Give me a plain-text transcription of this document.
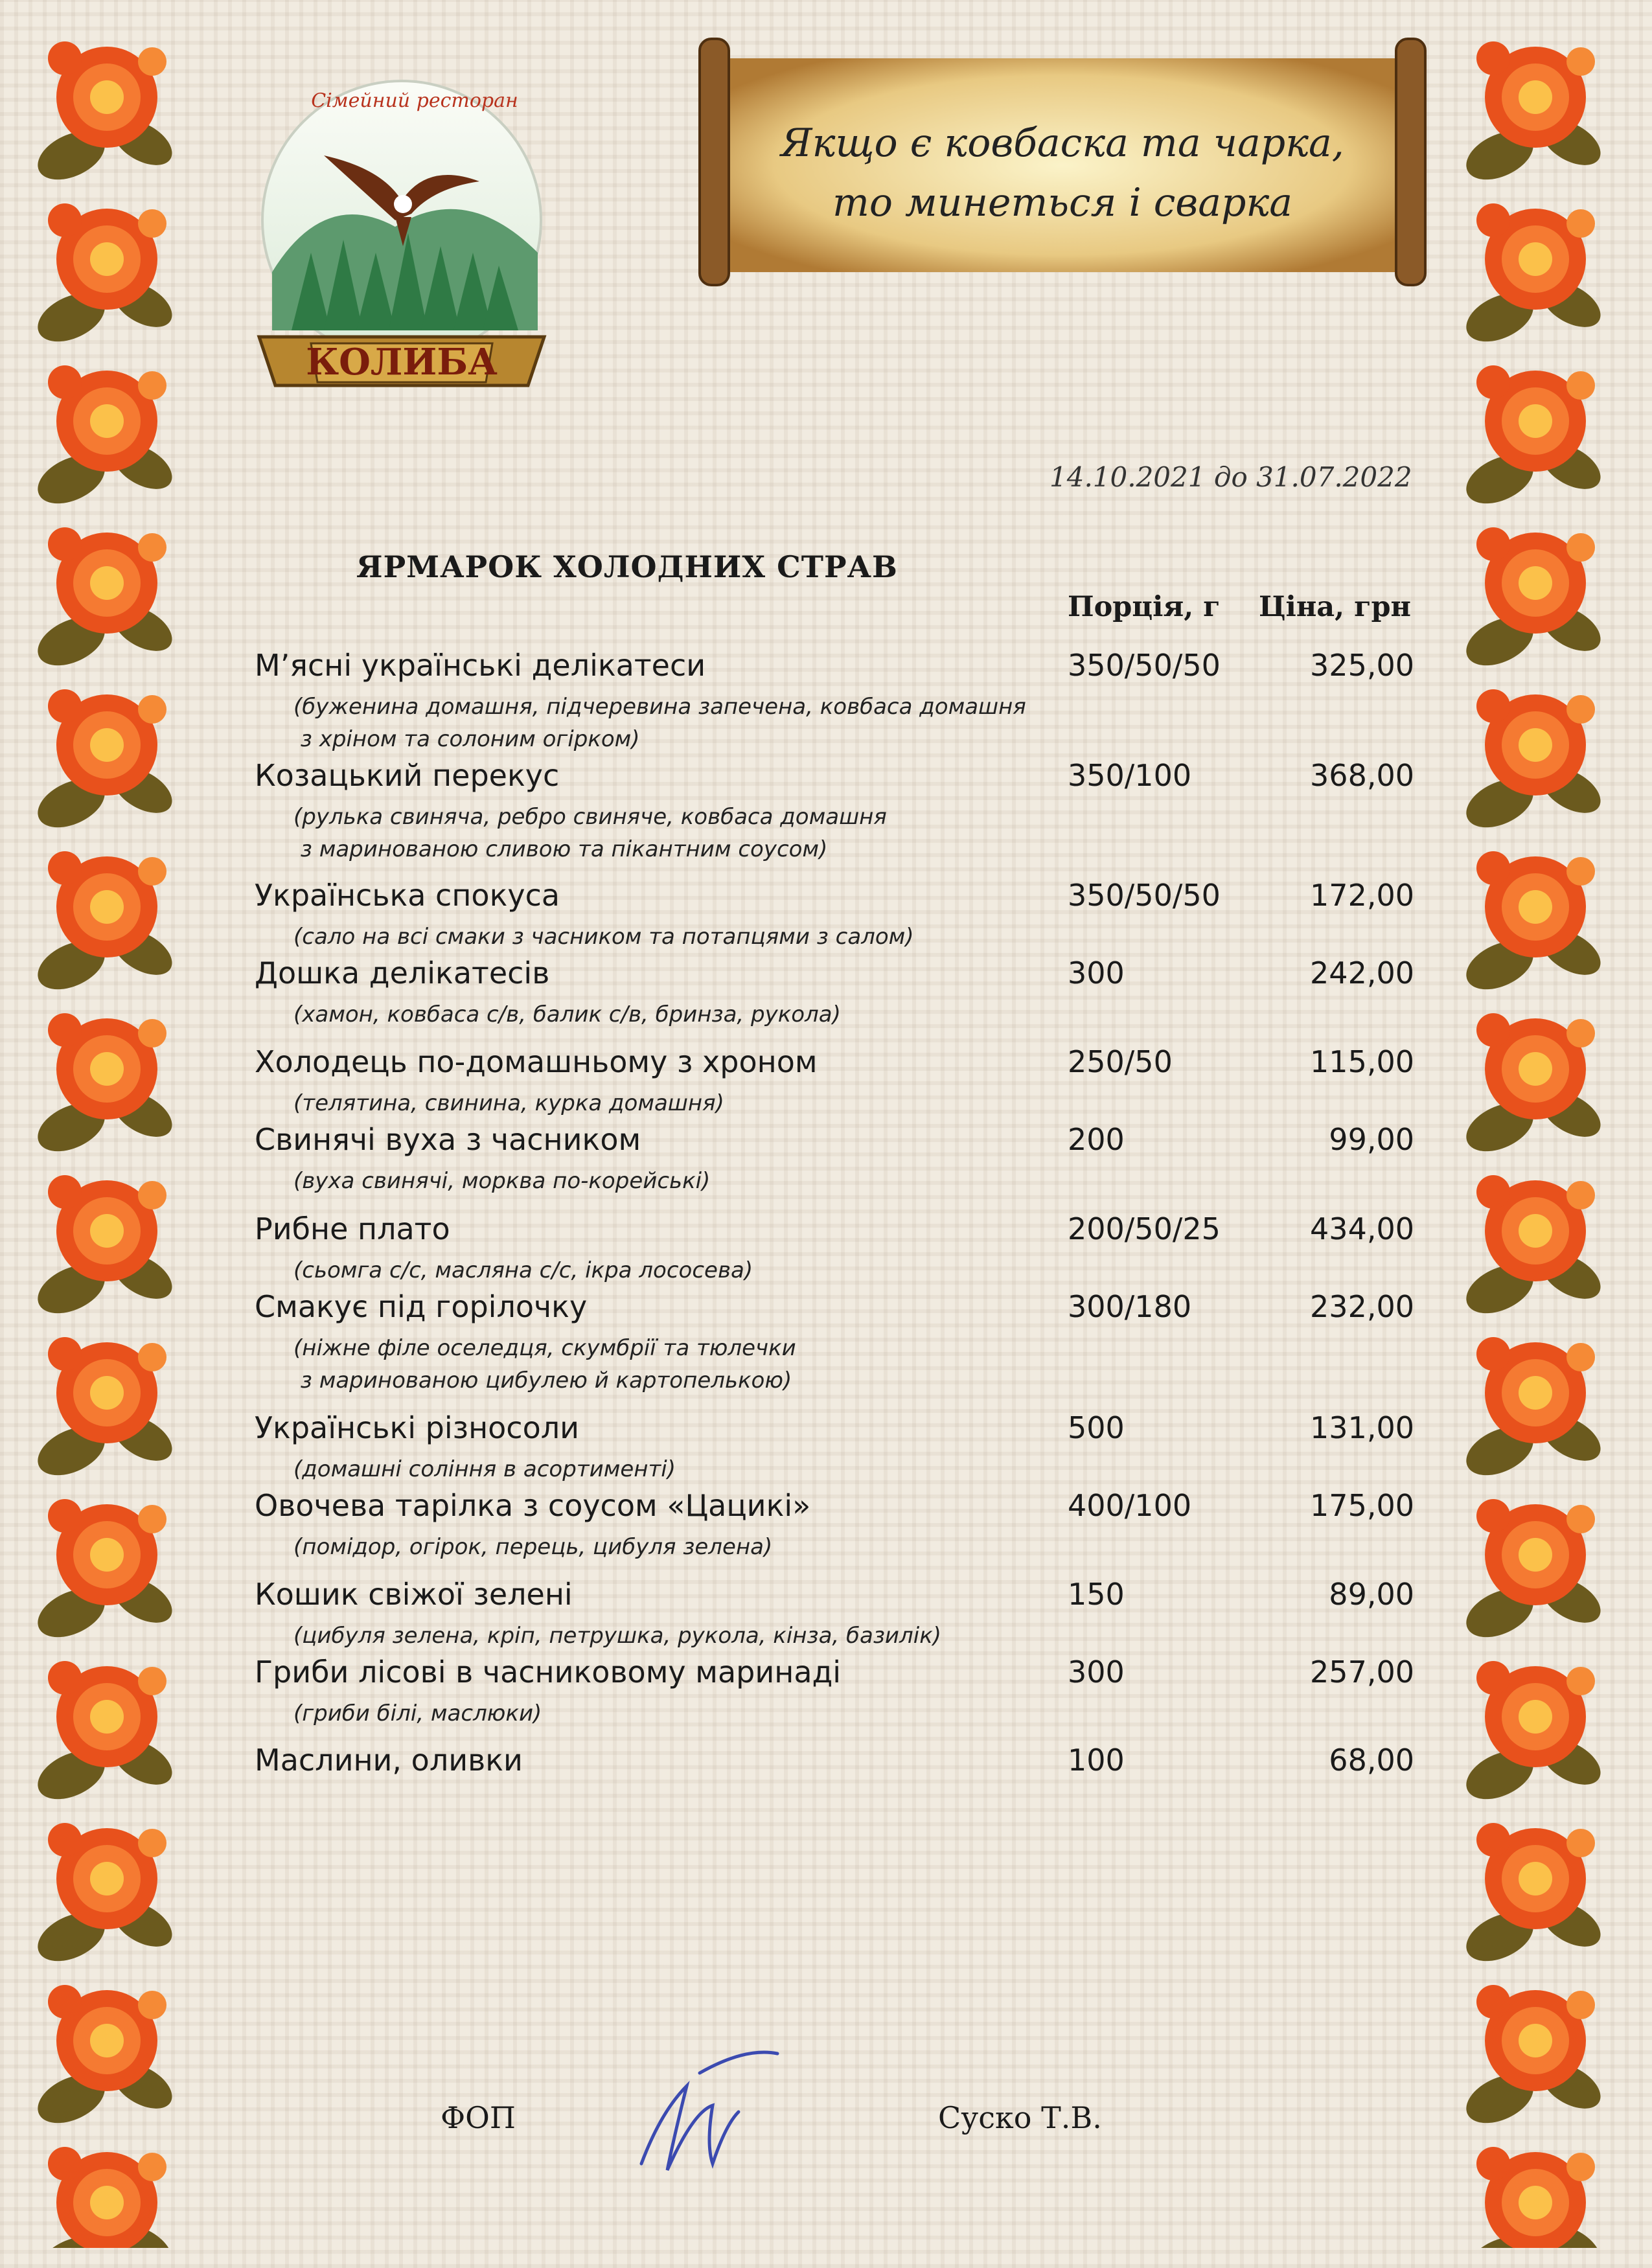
КОЛИБА
Сімейний ресторан
Якщо є ковбаска та чарка,
то минеться і сварка
14.10.2021 до 31.07.2022
ЯРМАРОК ХОЛОДНИХ СТРАВ
Порція, г Ціна, грн
М’ясні українські делікатеси	350/50/50	325,00
(буженина домашня, підчеревина запечена, ковбаса домашня
з хріном та солоним огірком)
Козацький перекус	350/100	368,00
(рулька свиняча, ребро свиняче, ковбаса домашня
з маринованою сливою та пікантним соусом)
Українська спокуса	350/50/50	172,00
(сало на всі смаки з часником та потапцями з салом)
Дошка делікатесів	300	242,00
(хамон, ковбаса с/в, балик с/в, бринза, рукола)
Холодець по-домашньому з хроном	250/50	115,00
(телятина, свинина, курка домашня)
Свинячі вуха з часником	200	99,00
(вуха свинячі, морква по-корейські)
Рибне плато	200/50/25	434,00
(сьомга с/с, масляна с/с, ікра лососева)
Смакує під горілочку	300/180	232,00
(ніжне філе оселедця, скумбрії та тюлечки
з маринованою цибулею й картопелькою)
Українські різносоли	500	131,00
(домашні соління в асортименті)
Овочева тарілка з соусом «Цацикі»	400/100	175,00
(помідор, огірок, перець, цибуля зелена)
Кошик свіжої зелені	150	89,00
(цибуля зелена, кріп, петрушка, рукола, кінза, базилік)
Гриби лісові в часниковому маринаді	300	257,00
(гриби білі, маслюки)
Маслини, оливки	100	68,00
ФОП	Суско Т.В.
